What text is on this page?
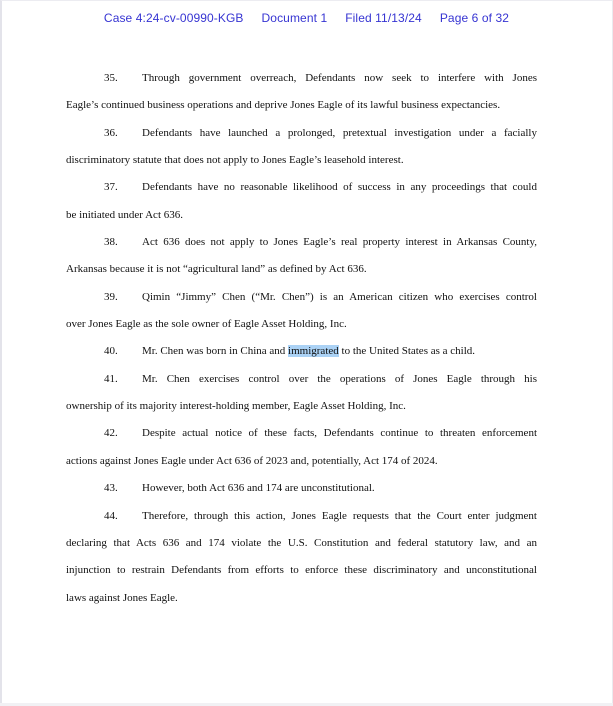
Case 4:24-cv-00990-KGB Document 1 Filed 11/13/24 Page 6 of 32
35. Through government overreach, Defendants now seek to interfere with Jones
Eagle’s continued business operations and deprive Jones Eagle of its lawful business expectancies.
36. Defendants have launched a prolonged, pretextual investigation under a facially
discriminatory statute that does not apply to Jones Eagle’s leasehold interest.
37. Defendants have no reasonable likelihood of success in any proceedings that could
be initiated under Act 636.
38. Act 636 does not apply to Jones Eagle’s real property interest in Arkansas County,
Arkansas because it is not “agricultural land” as defined by Act 636.
39. Qimin “Jimmy” Chen (“Mr. Chen”) is an American citizen who exercises control
over Jones Eagle as the sole owner of Eagle Asset Holding, Inc.
40. Mr. Chen was born in China and immigrated to the United States as a child.
41. Mr. Chen exercises control over the operations of Jones Eagle through his
ownership of its majority interest-holding member, Eagle Asset Holding, Inc.
42. Despite actual notice of these facts, Defendants continue to threaten enforcement
actions against Jones Eagle under Act 636 of 2023 and, potentially, Act 174 of 2024.
43. However, both Act 636 and 174 are unconstitutional.
44. Therefore, through this action, Jones Eagle requests that the Court enter judgment
declaring that Acts 636 and 174 violate the U.S. Constitution and federal statutory law, and an
injunction to restrain Defendants from efforts to enforce these discriminatory and unconstitutional
laws against Jones Eagle.
